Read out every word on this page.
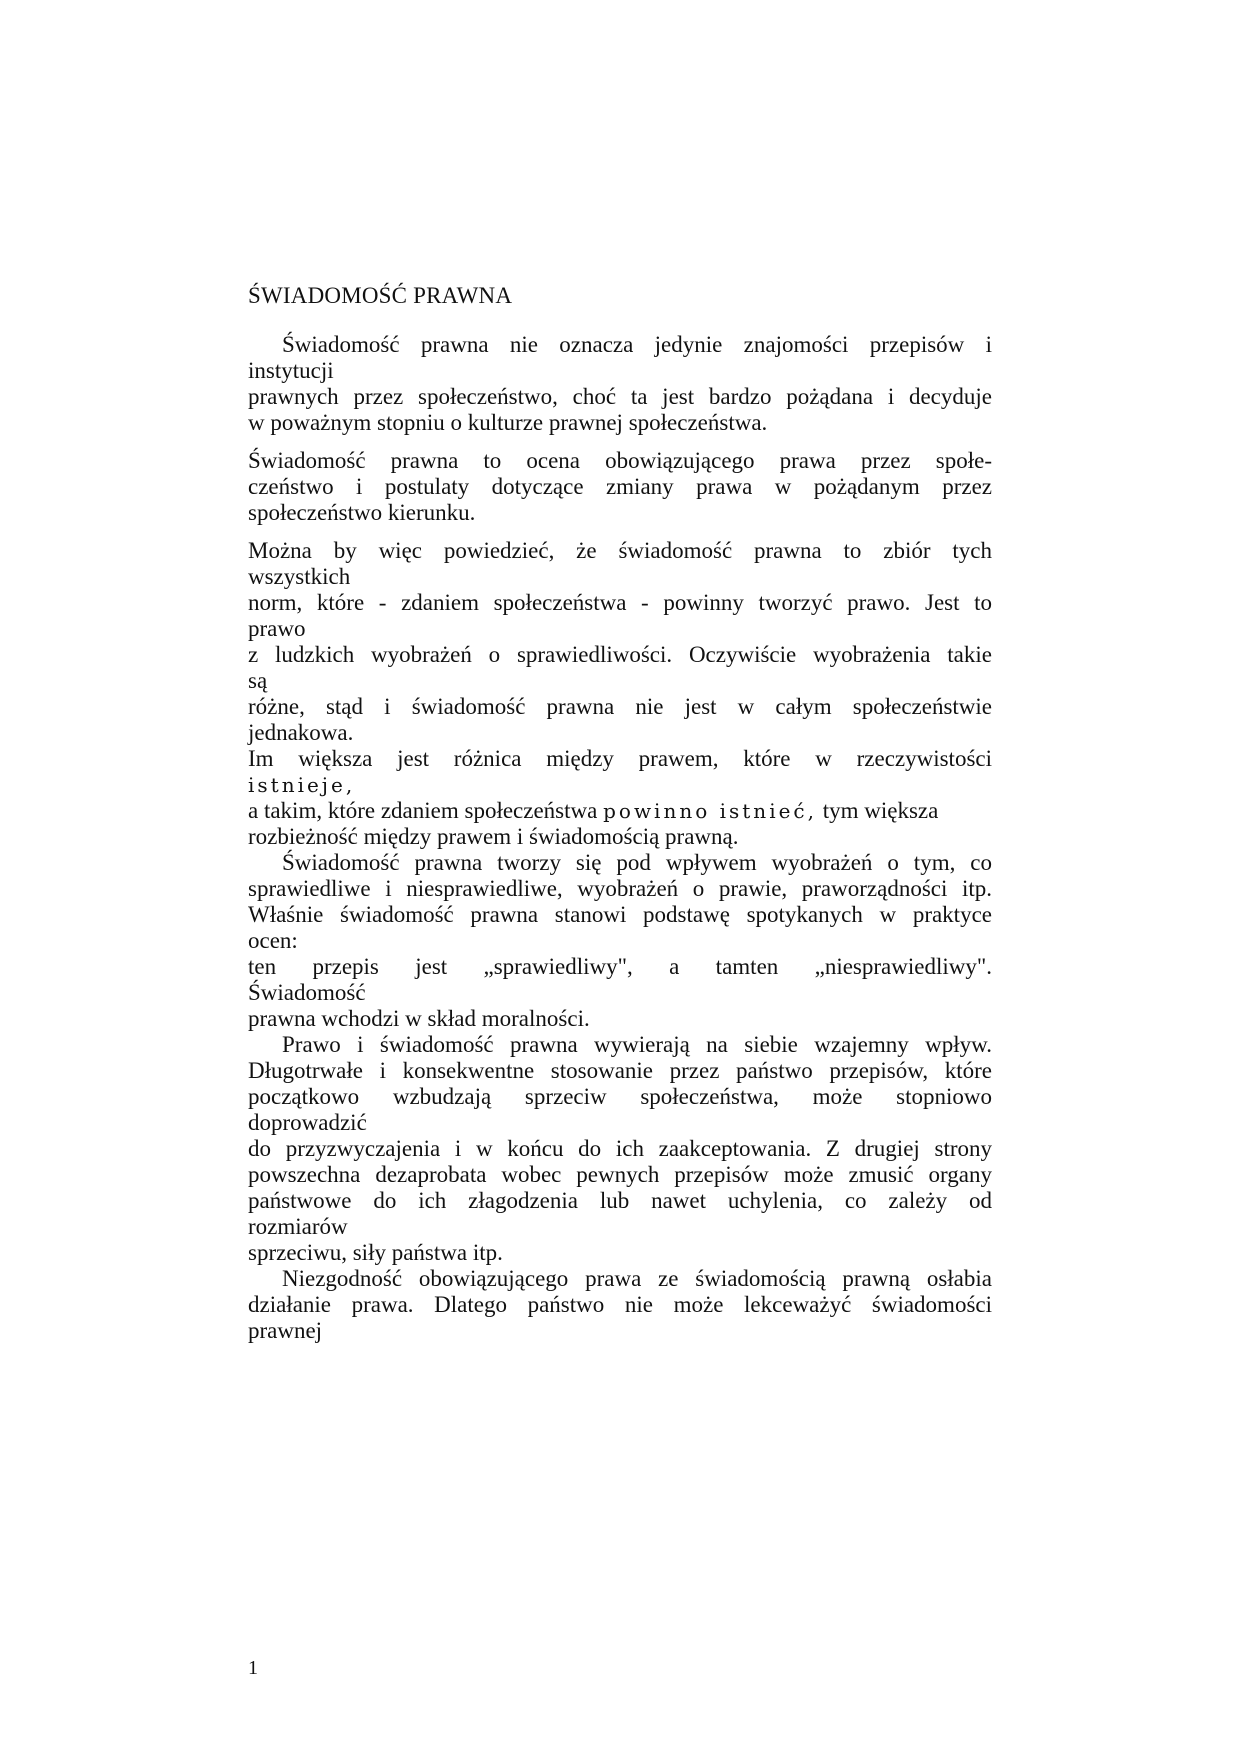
ŚWIADOMOŚĆ PRAWNA
Świadomość prawna nie oznacza jedynie znajomości przepisów i
instytucji
prawnych przez społeczeństwo, choć ta jest bardzo pożądana i decyduje
w poważnym stopniu o kulturze prawnej społeczeństwa.
Świadomość prawna to ocena obowiązującego prawa przez społe-
czeństwo i postulaty dotyczące zmiany prawa w pożądanym przez
społeczeństwo kierunku.
Można by więc powiedzieć, że świadomość prawna to zbiór tych
wszystkich
norm, które - zdaniem społeczeństwa - powinny tworzyć prawo. Jest to
prawo
z ludzkich wyobrażeń o sprawiedliwości. Oczywiście wyobrażenia takie
są
różne, stąd i świadomość prawna nie jest w całym społeczeństwie
jednakowa.
Im większa jest różnica między prawem, które w rzeczywistości
istnieje,
a takim, które zdaniem społeczeństwa powinno istnieć, tym większa
rozbieżność między prawem i świadomością prawną.
Świadomość prawna tworzy się pod wpływem wyobrażeń o tym, co
sprawiedliwe i niesprawiedliwe, wyobrażeń o prawie, praworządności itp.
Właśnie świadomość prawna stanowi podstawę spotykanych w praktyce
ocen:
ten przepis jest „sprawiedliwy", a tamten „niesprawiedliwy".
Świadomość
prawna wchodzi w skład moralności.
Prawo i świadomość prawna wywierają na siebie wzajemny wpływ.
Długotrwałe i konsekwentne stosowanie przez państwo przepisów, które
początkowo wzbudzają sprzeciw społeczeństwa, może stopniowo
doprowadzić
do przyzwyczajenia i w końcu do ich zaakceptowania. Z drugiej strony
powszechna dezaprobata wobec pewnych przepisów może zmusić organy
państwowe do ich złagodzenia lub nawet uchylenia, co zależy od
rozmiarów
sprzeciwu, siły państwa itp.
Niezgodność obowiązującego prawa ze świadomością prawną osłabia
działanie prawa. Dlatego państwo nie może lekceważyć świadomości
prawnej
1
